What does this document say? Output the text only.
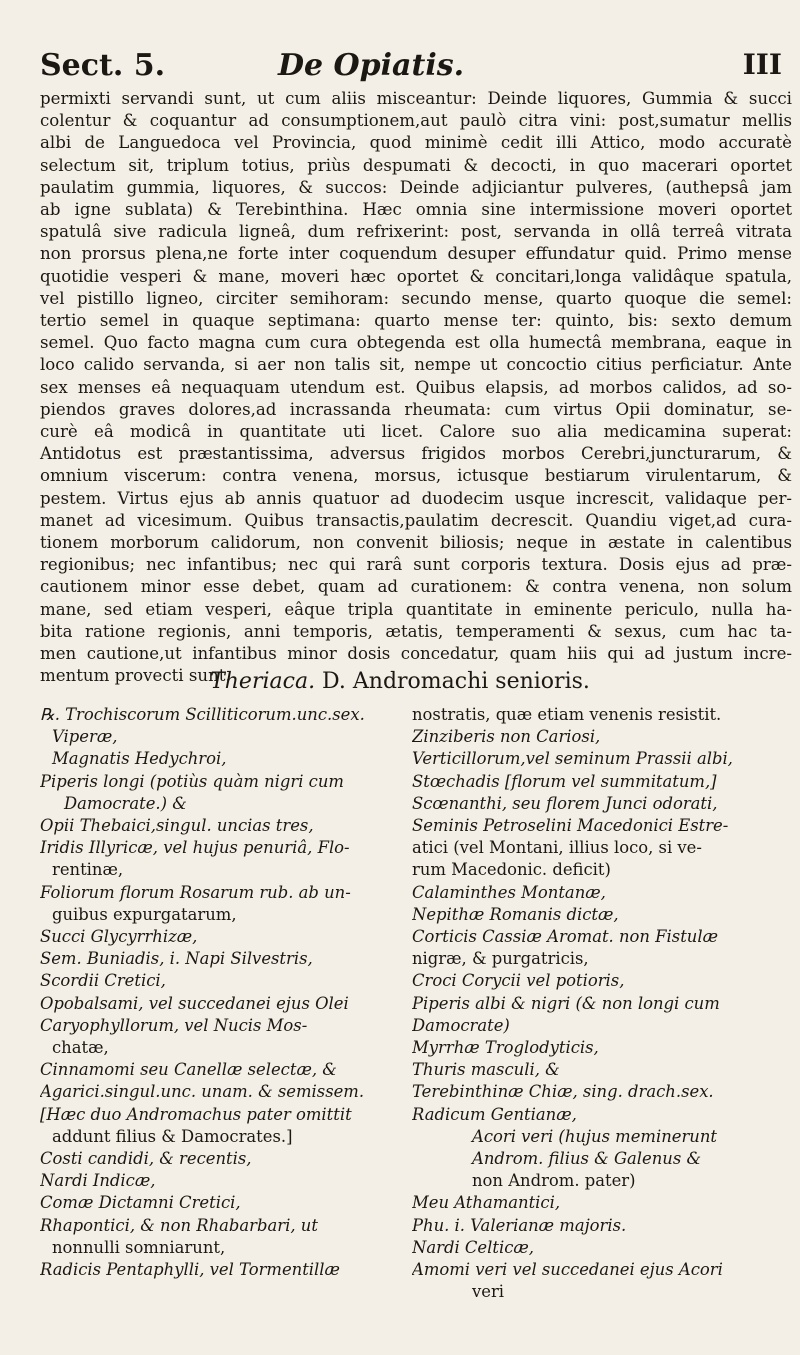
Sect. 5.	De Opiatis.	III
permixti servandi sunt, ut cum aliis misceantur: Deinde liquores, Gummia & succi
colentur & coquantur ad consumptionem,aut paulò citra vini: post,sumatur mellis
albi de Languedoca vel Provincia, quod minimè cedit illi Attico, modo accuratè
selectum sit, triplum totius, priùs despumati & decocti, in quo macerari oportet
paulatim gummia, liquores, & succos: Deinde adjiciantur pulveres, (authepsâ jam
ab igne sublata) & Terebinthina. Hæc omnia sine intermissione moveri oportet
spatulâ sive radicula ligneâ, dum refrixerint: post, servanda in ollâ terreâ vitrata
non prorsus plena,ne forte inter coquendum desuper effundatur quid. Primo mense
quotidie vesperi & mane, moveri hæc oportet & concitari,longa validâque spatula,
vel pistillo ligneo, circiter semihoram: secundo mense, quarto quoque die semel:
tertio semel in quaque septimana: quarto mense ter: quinto, bis: sexto demum
semel. Quo facto magna cum cura obtegenda est olla humectâ membrana, eaque in
loco calido servanda, si aer non talis sit, nempe ut concoctio citius perficiatur. Ante
sex menses eâ nequaquam utendum est. Quibus elapsis, ad morbos calidos, ad so-
piendos graves dolores,ad incrassanda rheumata: cum virtus Opii dominatur, se-
curè eâ modicâ in quantitate uti licet. Calore suo alia medicamina superat:
Antidotus est præstantissima, adversus frigidos morbos Cerebri,juncturarum, &
omnium viscerum: contra venena, morsus, ictusque bestiarum virulentarum, &
pestem. Virtus ejus ab annis quatuor ad duodecim usque increscit, validaque per-
manet ad vicesimum. Quibus transactis,paulatim decrescit. Quandiu viget,ad cura-
tionem morborum calidorum, non convenit biliosis; neque in æstate in calentibus
regionibus; nec infantibus; nec qui rarâ sunt corporis textura. Dosis ejus ad præ-
cautionem minor esse debet, quam ad curationem: & contra venena, non solum
mane, sed etiam vesperi, eâque tripla quantitate in eminente periculo, nulla ha-
bita ratione regionis, anni temporis, ætatis, temperamenti & sexus, cum hac ta-
men cautione,ut infantibus minor dosis concedatur, quam hiis qui ad justum incre-
mentum provecti sunt.
Theriaca. D. Andromachi senioris.
℞. Trochiscorum Scilliticorum.unc.sex.
Viperæ,
Magnatis Hedychroi,
Piperis longi (potiùs quàm nigri cum
Damocrate.) &
Opii Thebaici,singul. uncias tres,
Iridis Illyricæ, vel hujus penuriâ, Flo-
rentinæ,
Foliorum florum Rosarum rub. ab un-
guibus expurgatarum,
Succi Glycyrrhizæ,
Sem. Buniadis, i. Napi Silvestris,
Scordii Cretici,
Opobalsami, vel succedanei ejus Olei
Caryophyllorum, vel Nucis Mos-
chatæ,
Cinnamomi seu Canellæ selectæ, &
Agarici.singul.unc. unam. & semissem.
[Hæc duo Andromachus pater omittit
addunt filius & Damocrates.]
Costi candidi, & recentis,
Nardi Indicæ,
Comæ Dictamni Cretici,
Rhapontici, & non Rhabarbari, ut
nonnulli somniarunt,
Radicis Pentaphylli, vel Tormentillæ
nostratis, quæ etiam venenis resistit.
Zinziberis non Cariosi,
Verticillorum,vel seminum Prassii albi,
Stœchadis [florum vel summitatum,]
Scœnanthi, seu florem Junci odorati,
Seminis Petroselini Macedonici Estre-
atici (vel Montani, illius loco, si ve-
rum Macedonic. deficit)
Calaminthes Montanæ,
Nepithæ Romanis dictæ,
Corticis Cassiæ Aromat. non Fistulæ
nigræ, & purgatricis,
Croci Corycii vel potioris,
Piperis albi & nigri (& non longi cum
Damocrate)
Myrrhæ Troglodyticis,
Thuris masculi, &
Terebinthinæ Chiæ, sing. drach.sex.
Radicum Gentianæ,
Acori veri (hujus meminerunt
Androm. filius & Galenus &
non Androm. pater)
Meu Athamantici,
Phu. i. Valerianæ majoris.
Nardi Celticæ,
Amomi veri vel succedanei ejus Acori
veri
